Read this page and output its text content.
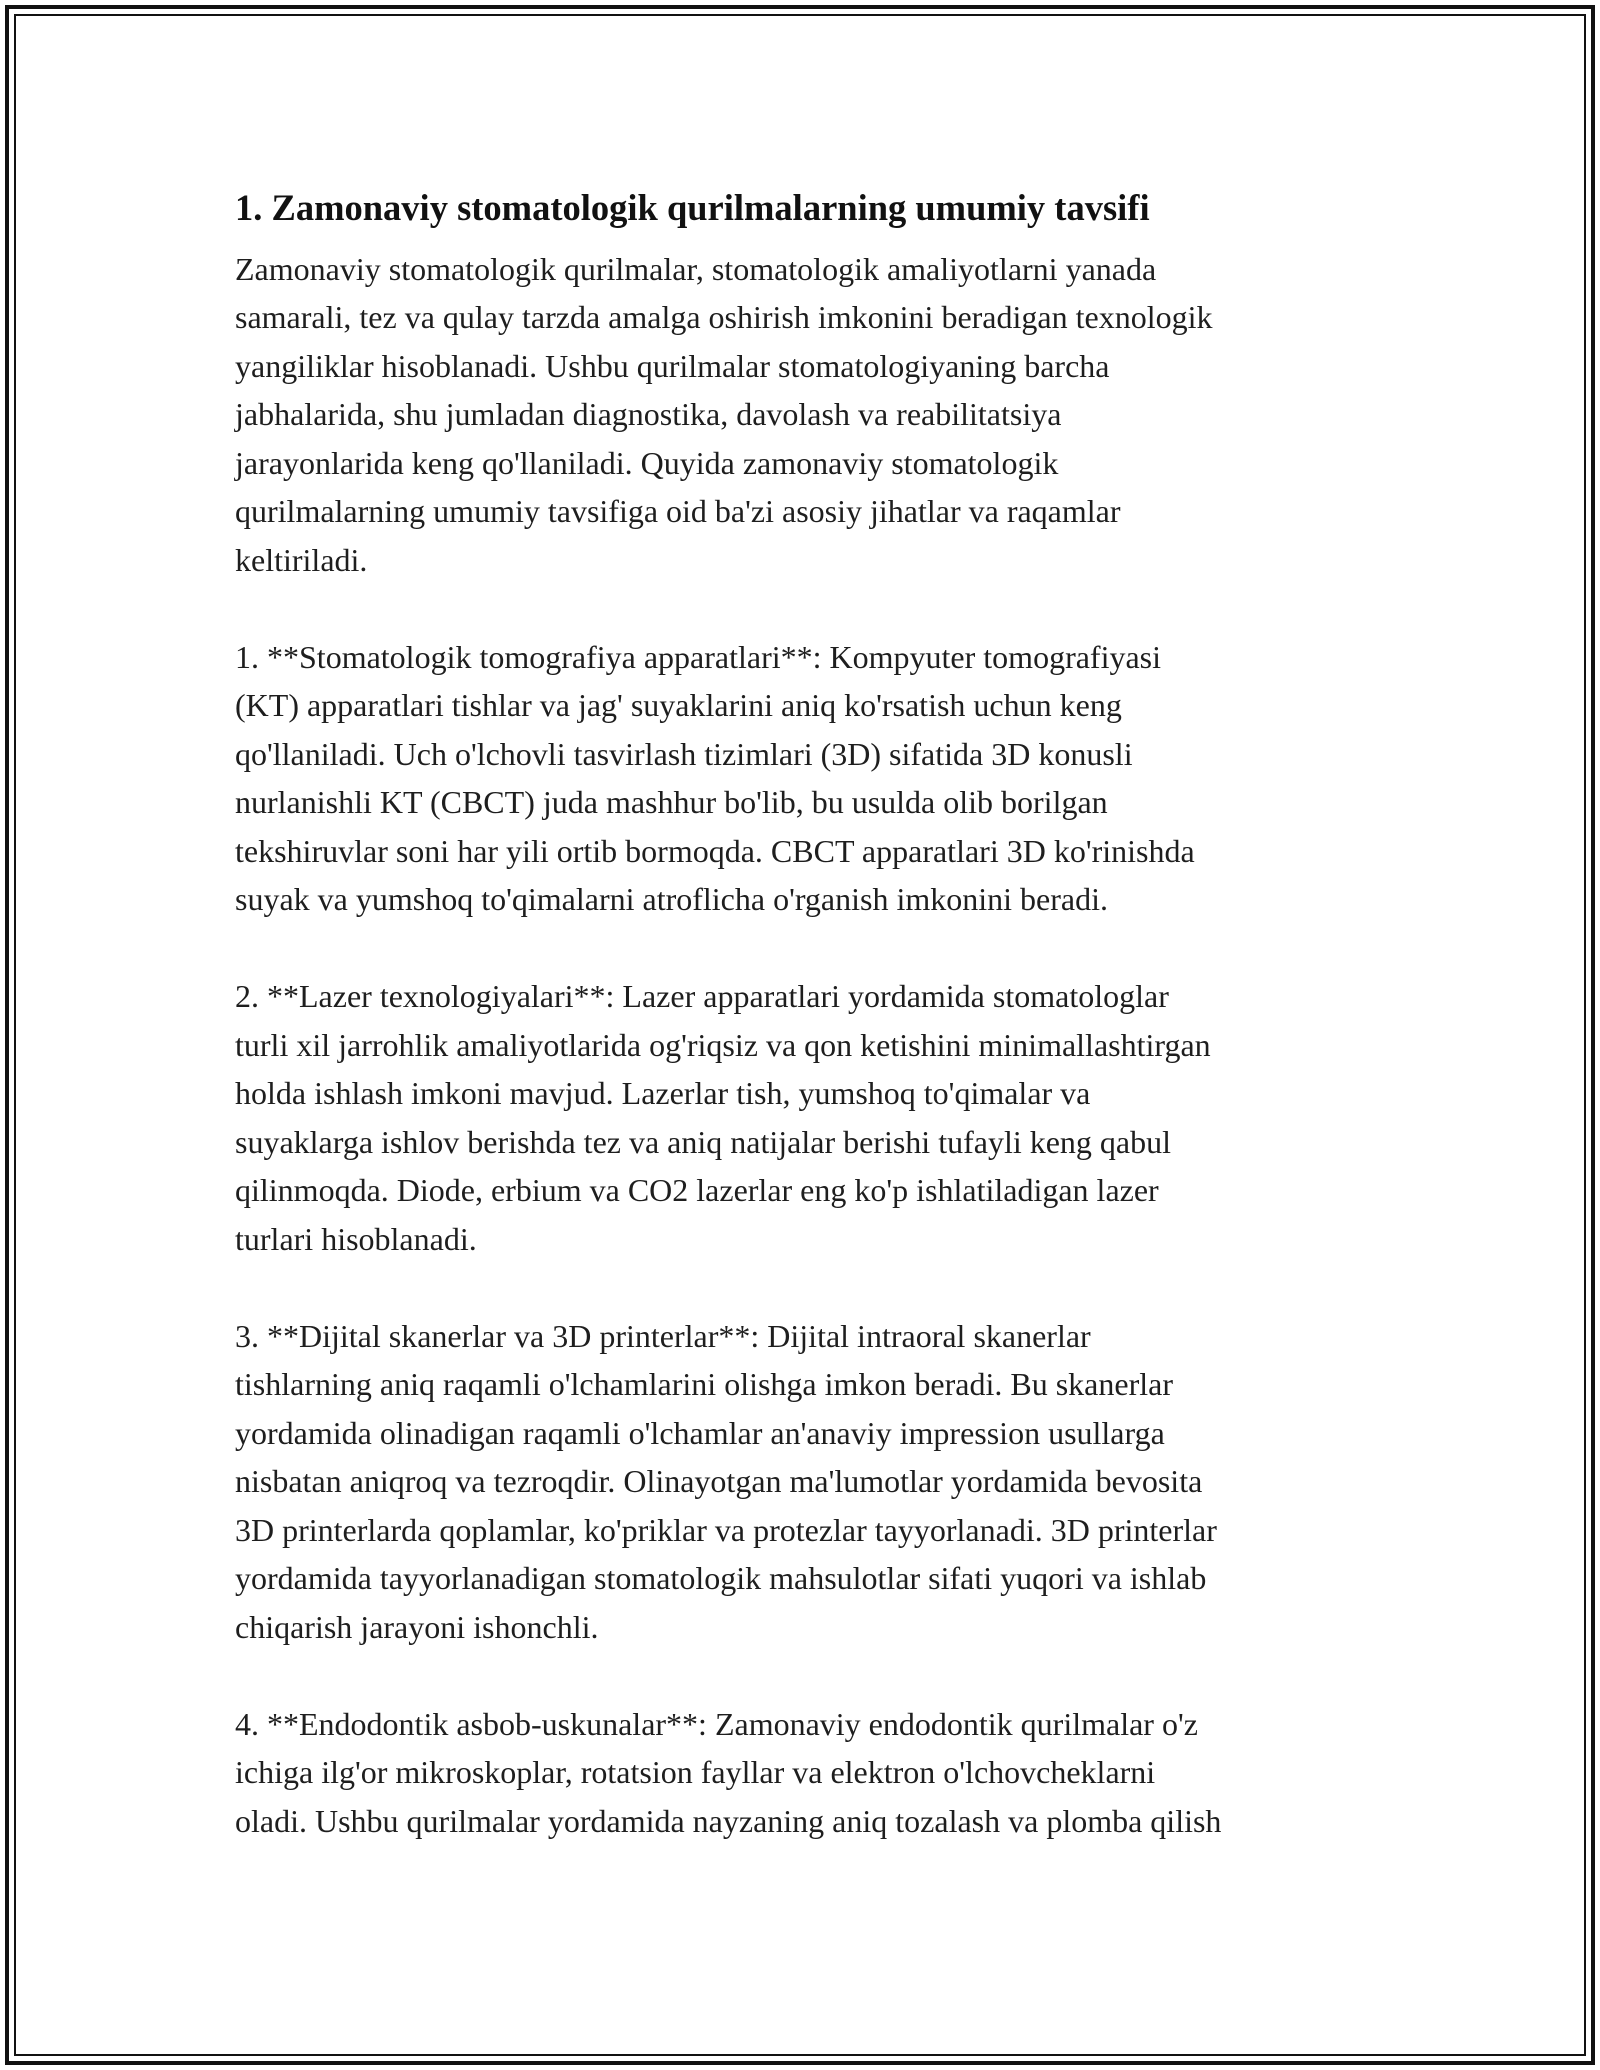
1. Zamonaviy stomatologik qurilmalarning umumiy tavsifi
Zamonaviy stomatologik qurilmalar, stomatologik amaliyotlarni yanada
samarali, tez va qulay tarzda amalga oshirish imkonini beradigan texnologik
yangiliklar hisoblanadi. Ushbu qurilmalar stomatologiyaning barcha
jabhalarida, shu jumladan diagnostika, davolash va reabilitatsiya
jarayonlarida keng qo'llaniladi. Quyida zamonaviy stomatologik
qurilmalarning umumiy tavsifiga oid ba'zi asosiy jihatlar va raqamlar
keltiriladi.
1. **Stomatologik tomografiya apparatlari**: Kompyuter tomografiyasi
(KT) apparatlari tishlar va jag' suyaklarini aniq ko'rsatish uchun keng
qo'llaniladi. Uch o'lchovli tasvirlash tizimlari (3D) sifatida 3D konusli
nurlanishli KT (CBCT) juda mashhur bo'lib, bu usulda olib borilgan
tekshiruvlar soni har yili ortib bormoqda. CBCT apparatlari 3D ko'rinishda
suyak va yumshoq to'qimalarni atroflicha o'rganish imkonini beradi.
2. **Lazer texnologiyalari**: Lazer apparatlari yordamida stomatologlar
turli xil jarrohlik amaliyotlarida og'riqsiz va qon ketishini minimallashtirgan
holda ishlash imkoni mavjud. Lazerlar tish, yumshoq to'qimalar va
suyaklarga ishlov berishda tez va aniq natijalar berishi tufayli keng qabul
qilinmoqda. Diode, erbium va CO2 lazerlar eng ko'p ishlatiladigan lazer
turlari hisoblanadi.
3. **Dijital skanerlar va 3D printerlar**: Dijital intraoral skanerlar
tishlarning aniq raqamli o'lchamlarini olishga imkon beradi. Bu skanerlar
yordamida olinadigan raqamli o'lchamlar an'anaviy impression usullarga
nisbatan aniqroq va tezroqdir. Olinayotgan ma'lumotlar yordamida bevosita
3D printerlarda qoplamlar, ko'priklar va protezlar tayyorlanadi. 3D printerlar
yordamida tayyorlanadigan stomatologik mahsulotlar sifati yuqori va ishlab
chiqarish jarayoni ishonchli.
4. **Endodontik asbob-uskunalar**: Zamonaviy endodontik qurilmalar o'z
ichiga ilg'or mikroskoplar, rotatsion fayllar va elektron o'lchovcheklarni
oladi. Ushbu qurilmalar yordamida nayzaning aniq tozalash va plomba qilish
